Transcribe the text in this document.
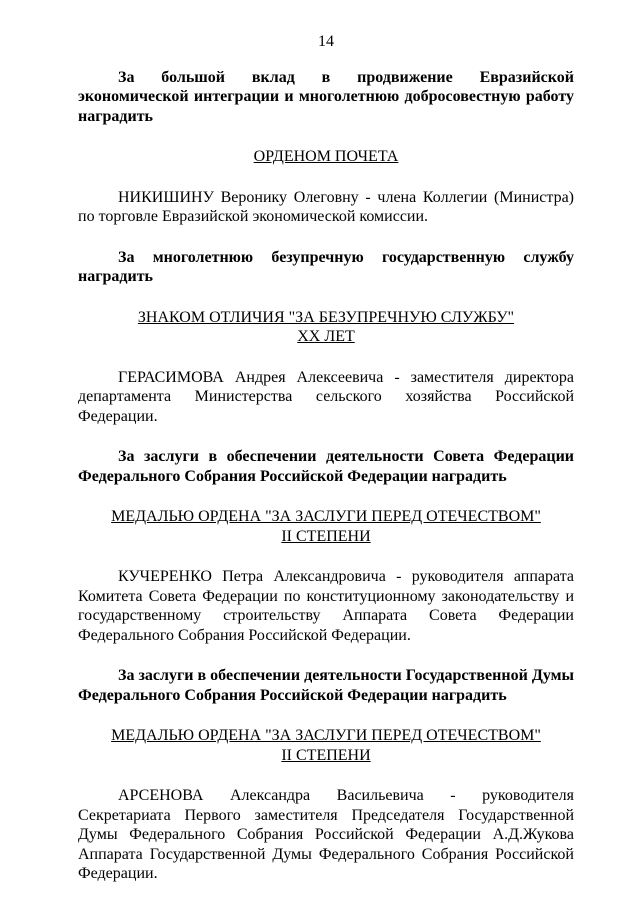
14

За большой вклад в продвижение Евразийской экономической интеграции и многолетнюю добросовестную работу наградить

ОРДЕНОМ ПОЧЕТА

НИКИШИНУ Веронику Олеговну - члена Коллегии (Министра) по торговле Евразийской экономической комиссии.

За многолетнюю безупречную государственную службу наградить

ЗНАКОМ ОТЛИЧИЯ "ЗА БЕЗУПРЕЧНУЮ СЛУЖБУ"

XX ЛЕТ

ГЕРАСИМОВА Андрея Алексеевича - заместителя директора департамента Министерства сельского хозяйства Российской Федерации.

За заслуги в обеспечении деятельности Совета Федерации Федерального Собрания Российской Федерации наградить

МЕДАЛЬЮ ОРДЕНА "ЗА ЗАСЛУГИ ПЕРЕД ОТЕЧЕСТВОМ"

II СТЕПЕНИ

КУЧЕРЕНКО Петра Александровича - руководителя аппарата Комитета Совета Федерации по конституционному законодательству и государственному строительству Аппарата Совета Федерации Федерального Собрания Российской Федерации.

За заслуги в обеспечении деятельности Государственной Думы Федерального Собрания Российской Федерации наградить

МЕДАЛЬЮ ОРДЕНА "ЗА ЗАСЛУГИ ПЕРЕД ОТЕЧЕСТВОМ"

II СТЕПЕНИ

АРСЕНОВА Александра Васильевича - руководителя Секретариата Первого заместителя Председателя Государственной Думы Федерального Собрания Российской Федерации А.Д.Жукова Аппарата Государственной Думы Федерального Собрания Российской Федерации.
